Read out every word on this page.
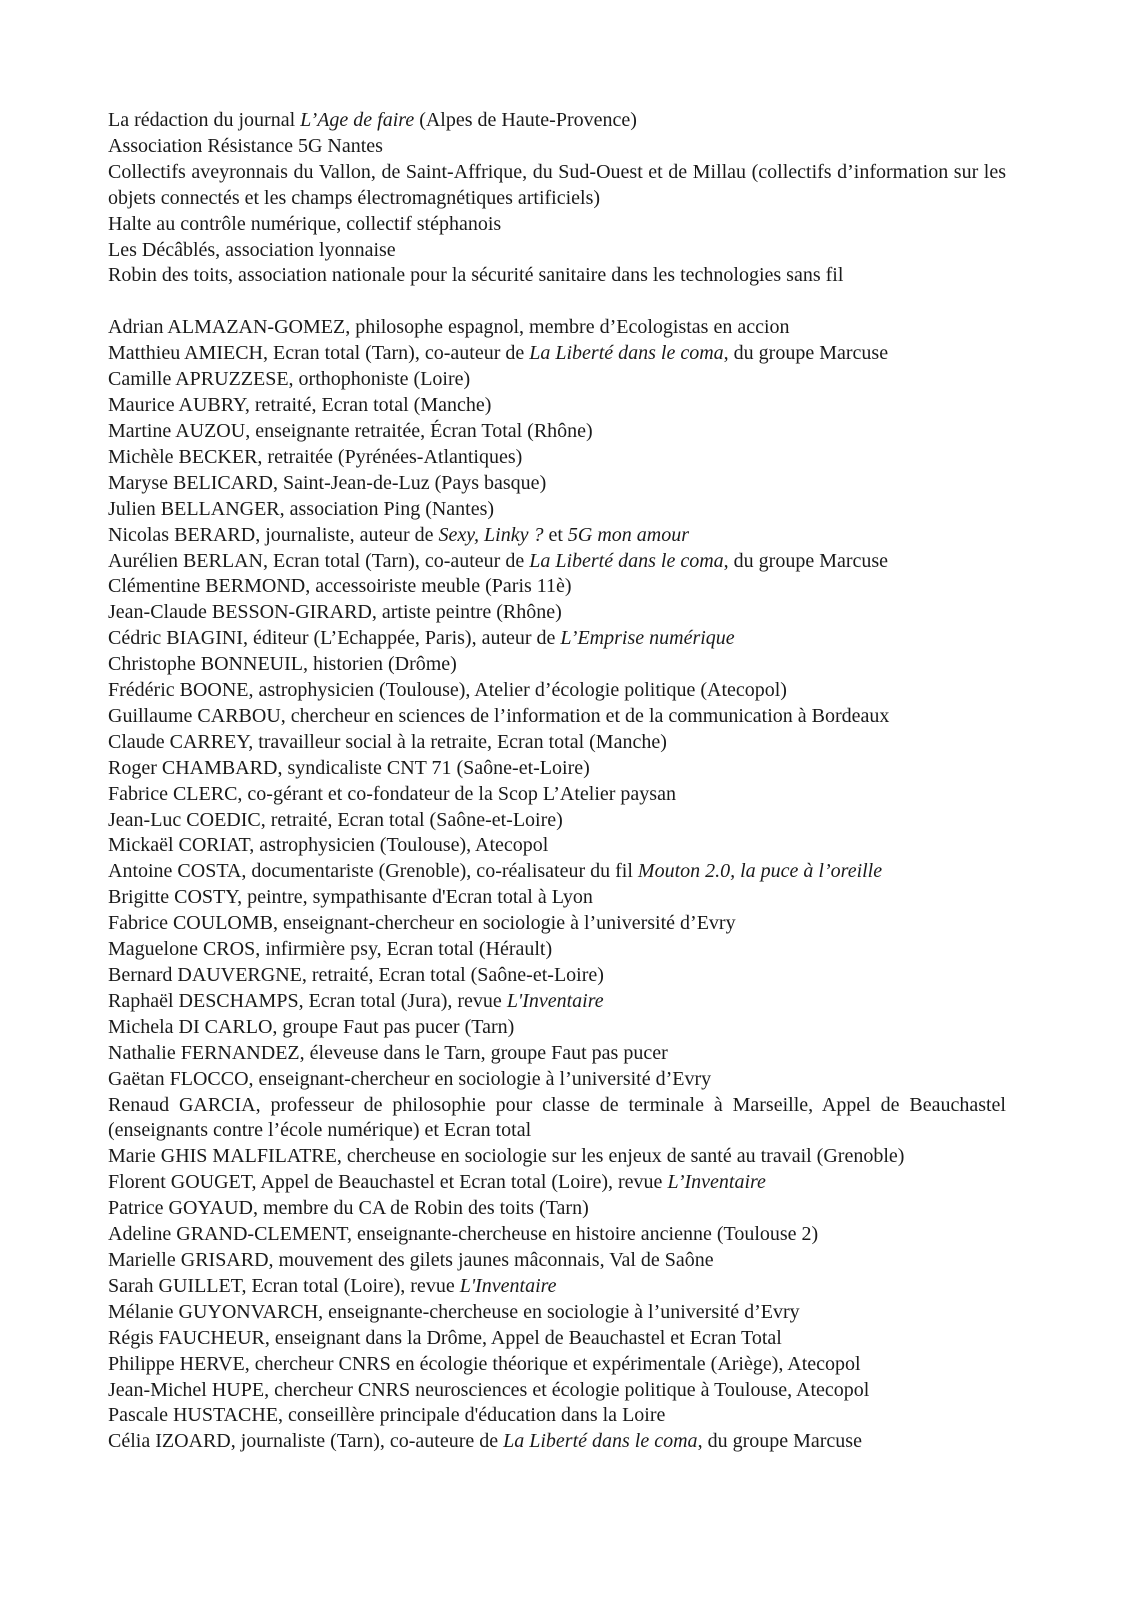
La rédaction du journal L’Age de faire (Alpes de Haute-Provence)

Association Résistance 5G Nantes

Collectifs aveyronnais du Vallon, de Saint-Affrique, du Sud-Ouest et de Millau (collectifs d’information sur les objets connectés et les champs électromagnétiques artificiels)

Halte au contrôle numérique, collectif stéphanois

Les Décâblés, association lyonnaise

Robin des toits, association nationale pour la sécurité sanitaire dans les technologies sans fil

Adrian ALMAZAN-GOMEZ, philosophe espagnol, membre d’Ecologistas en accion

Matthieu AMIECH, Ecran total (Tarn), co-auteur de La Liberté dans le coma, du groupe Marcuse

Camille APRUZZESE, orthophoniste (Loire)

Maurice AUBRY, retraité, Ecran total (Manche)

Martine AUZOU, enseignante retraitée, Écran Total (Rhône)

Michèle BECKER, retraitée (Pyrénées-Atlantiques)

Maryse BELICARD, Saint-Jean-de-Luz (Pays basque)

Julien BELLANGER, association Ping (Nantes)

Nicolas BERARD, journaliste, auteur de Sexy, Linky ? et 5G mon amour

Aurélien BERLAN, Ecran total (Tarn), co-auteur de La Liberté dans le coma, du groupe Marcuse

Clémentine BERMOND, accessoiriste meuble (Paris 11è)

Jean-Claude BESSON-GIRARD, artiste peintre (Rhône)

Cédric BIAGINI, éditeur (L’Echappée, Paris), auteur de L’Emprise numérique

Christophe BONNEUIL, historien (Drôme)

Frédéric BOONE, astrophysicien (Toulouse), Atelier d’écologie politique (Atecopol)

Guillaume CARBOU, chercheur en sciences de l’information et de la communication à Bordeaux

Claude CARREY, travailleur social à la retraite, Ecran total (Manche)

Roger CHAMBARD, syndicaliste CNT 71 (Saône-et-Loire)

Fabrice CLERC, co-gérant et co-fondateur de la Scop L’Atelier paysan

Jean-Luc COEDIC, retraité, Ecran total (Saône-et-Loire)

Mickaël CORIAT, astrophysicien (Toulouse), Atecopol

Antoine COSTA, documentariste (Grenoble), co-réalisateur du fil Mouton 2.0, la puce à l’oreille

Brigitte COSTY, peintre, sympathisante d'Ecran total à Lyon

Fabrice COULOMB, enseignant-chercheur en sociologie à l’université d’Evry

Maguelone CROS, infirmière psy, Ecran total (Hérault)

Bernard DAUVERGNE, retraité, Ecran total (Saône-et-Loire)

Raphaël DESCHAMPS, Ecran total (Jura), revue L'Inventaire

Michela DI CARLO, groupe Faut pas pucer (Tarn)

Nathalie FERNANDEZ, éleveuse dans le Tarn, groupe Faut pas pucer

Gaëtan FLOCCO, enseignant-chercheur en sociologie à l’université d’Evry

Renaud GARCIA, professeur de philosophie pour classe de terminale à Marseille, Appel de Beauchastel (enseignants contre l’école numérique) et Ecran total

Marie GHIS MALFILATRE, chercheuse en sociologie sur les enjeux de santé au travail (Grenoble)

Florent GOUGET, Appel de Beauchastel et Ecran total (Loire), revue L’Inventaire

Patrice GOYAUD, membre du CA de Robin des toits (Tarn)

Adeline GRAND-CLEMENT, enseignante-chercheuse en histoire ancienne (Toulouse 2)

Marielle GRISARD, mouvement des gilets jaunes mâconnais, Val de Saône

Sarah GUILLET, Ecran total (Loire), revue L'Inventaire

Mélanie GUYONVARCH, enseignante-chercheuse en sociologie à l’université d’Evry

Régis FAUCHEUR, enseignant dans la Drôme, Appel de Beauchastel et Ecran Total

Philippe HERVE, chercheur CNRS en écologie théorique et expérimentale (Ariège), Atecopol

Jean-Michel HUPE, chercheur CNRS neurosciences et écologie politique à Toulouse, Atecopol

Pascale HUSTACHE, conseillère principale d'éducation dans la Loire

Célia IZOARD, journaliste (Tarn), co-auteure de La Liberté dans le coma, du groupe Marcuse
